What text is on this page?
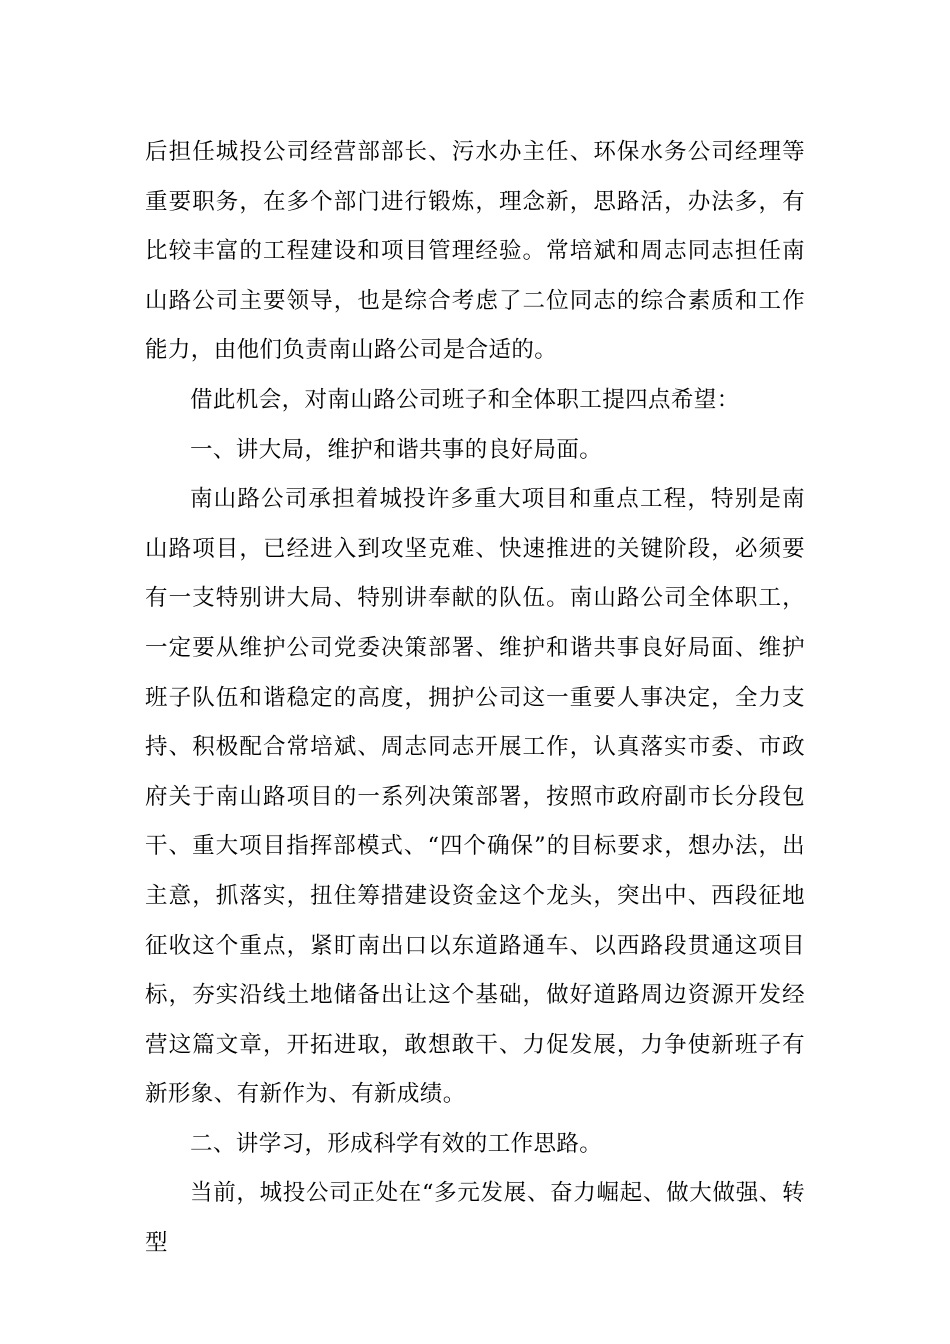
后担任城投公司经营部部长、污水办主任、环保水务公司经理等重要职务，在多个部门进行锻炼，理念新，思路活，办法多，有比较丰富的工程建设和项目管理经验。常培斌和周志同志担任南山路公司主要领导，也是综合考虑了二位同志的综合素质和工作能力，由他们负责南山路公司是合适的。

借此机会，对南山路公司班子和全体职工提四点希望：

一、讲大局，维护和谐共事的良好局面。

南山路公司承担着城投许多重大项目和重点工程，特别是南山路项目，已经进入到攻坚克难、快速推进的关键阶段，必须要有一支特别讲大局、特别讲奉献的队伍。南山路公司全体职工，一定要从维护公司党委决策部署、维护和谐共事良好局面、维护班子队伍和谐稳定的高度，拥护公司这一重要人事决定，全力支持、积极配合常培斌、周志同志开展工作，认真落实市委、市政府关于南山路项目的一系列决策部署，按照市政府副市长分段包干、重大项目指挥部模式、“四个确保”的目标要求，想办法，出主意，抓落实，扭住筹措建设资金这个龙头，突出中、西段征地征收这个重点，紧盯南出口以东道路通车、以西路段贯通这项目标，夯实沿线土地储备出让这个基础，做好道路周边资源开发经营这篇文章，开拓进取，敢想敢干、力促发展，力争使新班子有新形象、有新作为、有新成绩。

二、讲学习，形成科学有效的工作思路。

当前，城投公司正处在“多元发展、奋力崛起、做大做强、转型
